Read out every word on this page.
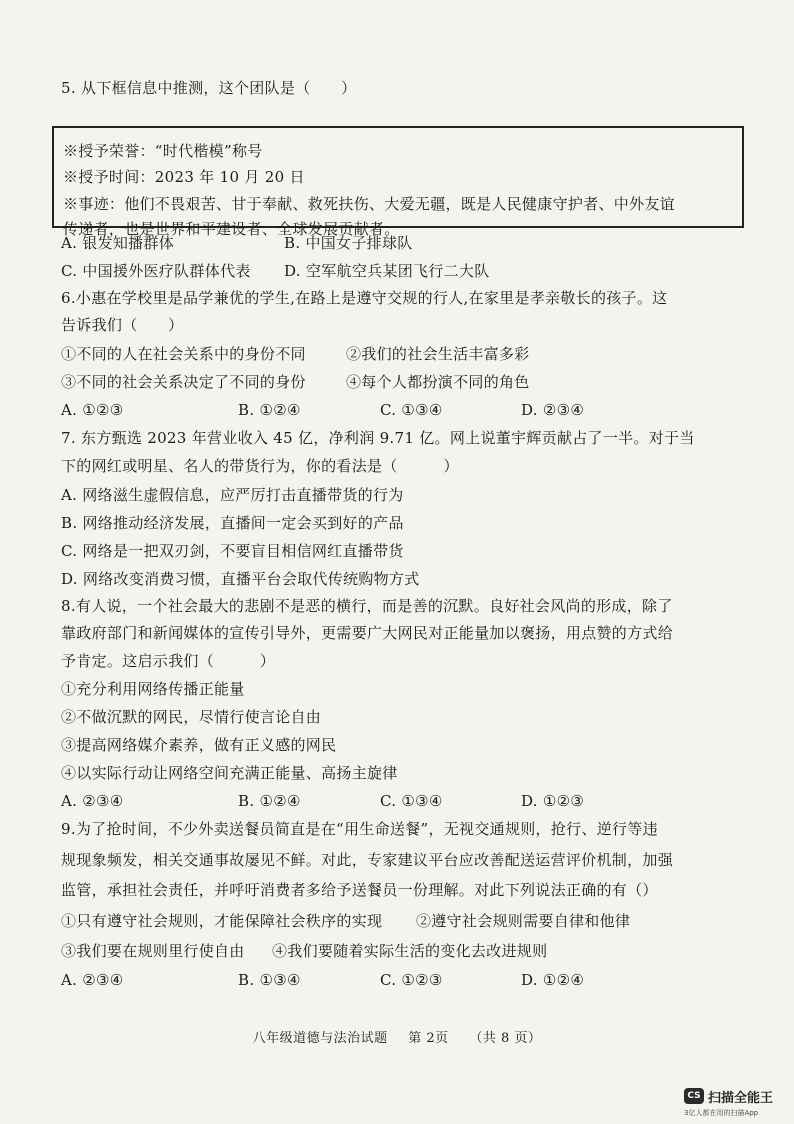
5. 从下框信息中推测，这个团队是（　　）
※授予荣誉：“时代楷模”称号
※授予时间：2023 年 10 月 20 日
※事迹：他们不畏艰苦、甘于奉献、救死扶伤、大爱无疆，既是人民健康守护者、中外友谊
传递者，也是世界和平建设者、全球发展贡献者。
A. 银发知播群体	B. 中国女子排球队
C. 中国援外医疗队群体代表 D. 空军航空兵某团飞行二大队
6.小惠在学校里是品学兼优的学生,在路上是遵守交规的行人,在家里是孝亲敬长的孩子。这
告诉我们（　　）
①不同的人在社会关系中的身份不同	②我们的社会生活丰富多彩
③不同的社会关系决定了不同的身份	④每个人都扮演不同的角色
A. ①②③	B. ①②④	C. ①③④	D. ②③④
7. 东方甄选 2023 年营业收入 45 亿，净利润 9.71 亿。网上说董宇辉贡献占了一半。对于当
下的网红或明星、名人的带货行为，你的看法是（　　　）
A. 网络滋生虚假信息，应严厉打击直播带货的行为
B. 网络推动经济发展，直播间一定会买到好的产品
C. 网络是一把双刃剑，不要盲目相信网红直播带货
D. 网络改变消费习惯，直播平台会取代传统购物方式
8.有人说，一个社会最大的悲剧不是恶的横行，而是善的沉默。良好社会风尚的形成，除了
靠政府部门和新闻媒体的宣传引导外，更需要广大网民对正能量加以褒扬，用点赞的方式给
予肯定。这启示我们（　　　）
①充分利用网络传播正能量
②不做沉默的网民，尽情行使言论自由
③提高网络媒介素养，做有正义感的网民
④以实际行动让网络空间充满正能量、高扬主旋律
A. ②③④	B. ①②④	C. ①③④	D. ①②③
9.为了抢时间，不少外卖送餐员简直是在“用生命送餐”，无视交通规则，抢行、逆行等违
规现象频发，相关交通事故屡见不鲜。对此，专家建议平台应改善配送运营评价机制，加强
监管，承担社会责任，并呼吁消费者多给予送餐员一份理解。对此下列说法正确的有（）
①只有遵守社会规则，才能保障社会秩序的实现 ②遵守社会规则需要自律和他律
③我们要在规则里行使自由 ④我们要随着实际生活的变化去改进规则
A. ②③④	B. ①③④	C. ①②③	D. ①②④
八年级道德与法治试题 第 2页 （共 8 页）
CS 扫描全能王
3亿人都在用的扫描App
